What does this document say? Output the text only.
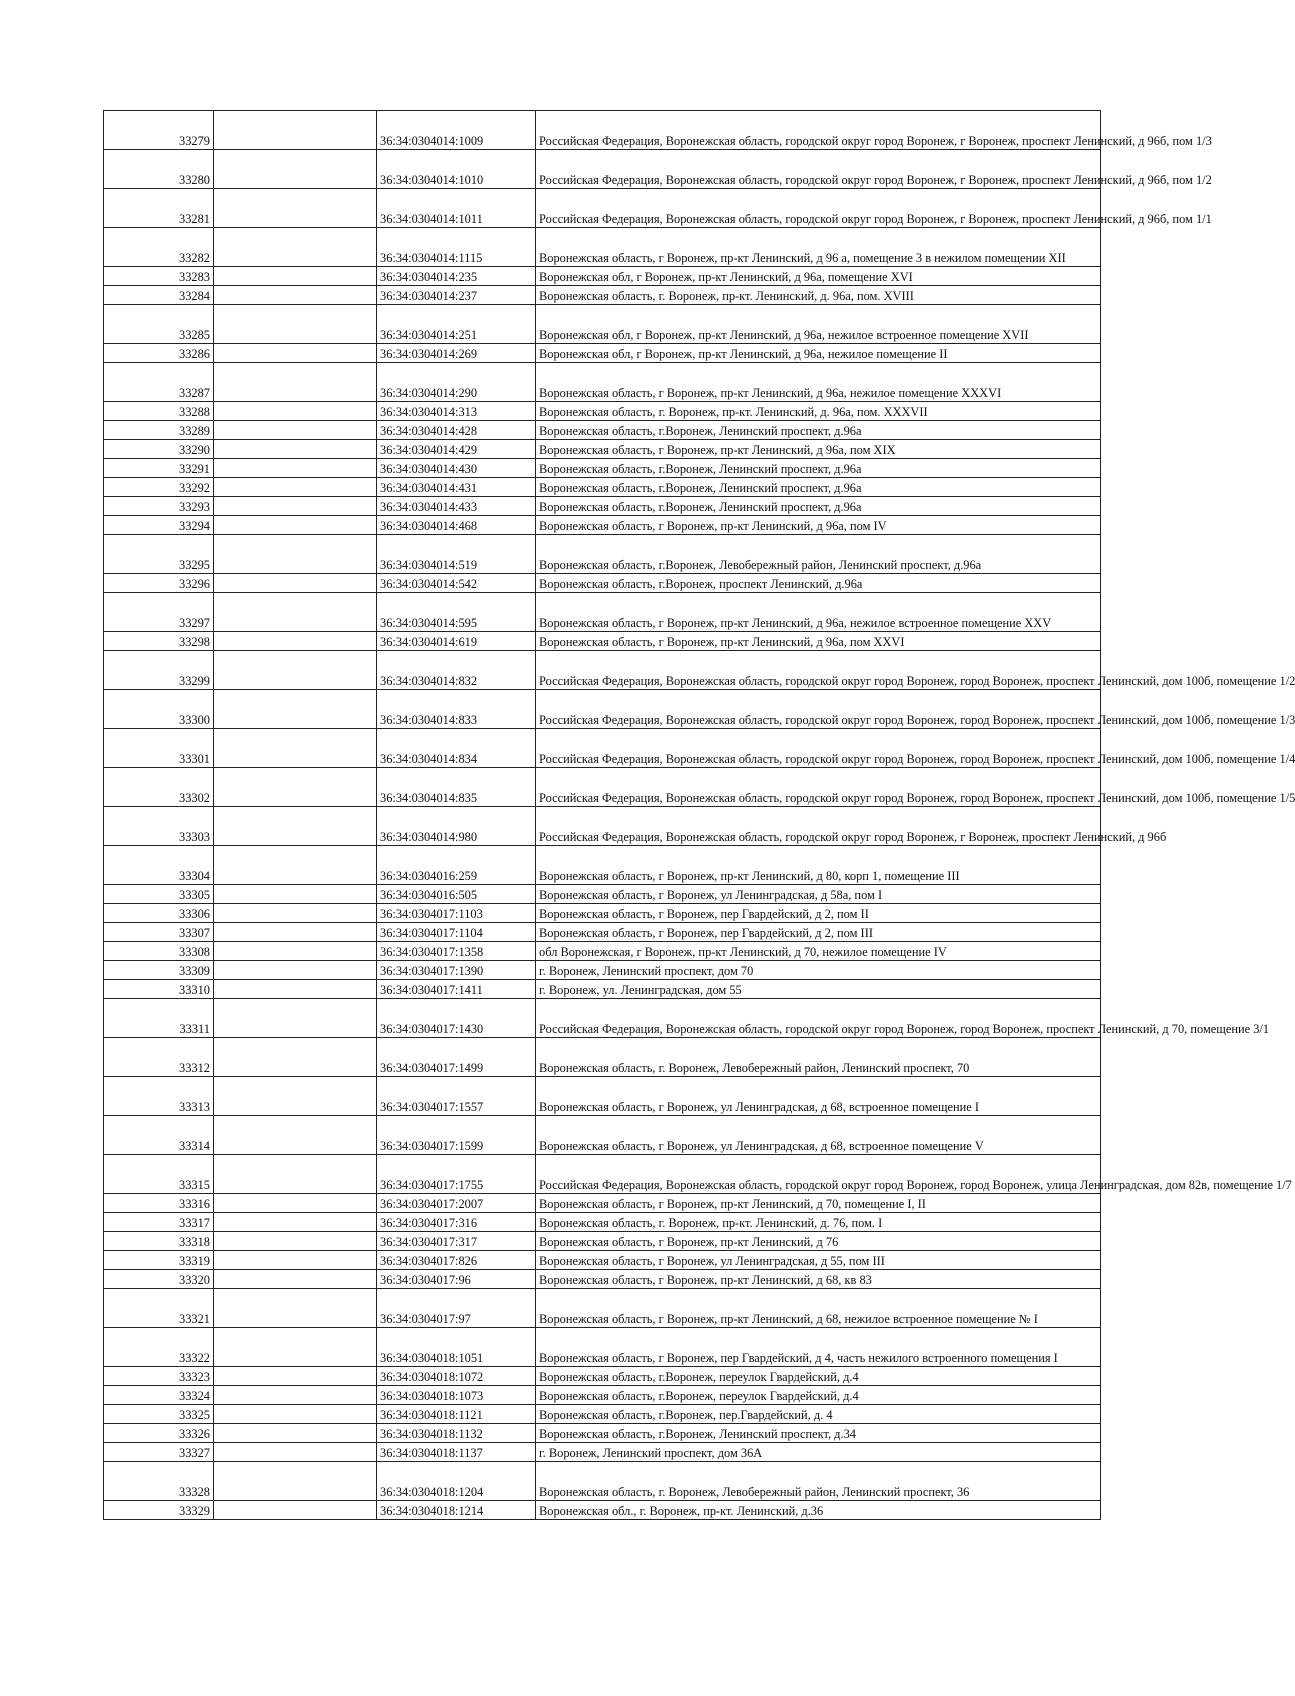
33279		36:34:0304014:1009	Российская Федерация, Воронежская область, городской округ город Воронеж, г Воронеж, проспект Ленинский, д 96б, пом 1/3
33280		36:34:0304014:1010	Российская Федерация, Воронежская область, городской округ город Воронеж, г Воронеж, проспект Ленинский, д 96б, пом 1/2
33281		36:34:0304014:1011	Российская Федерация, Воронежская область, городской округ город Воронеж, г Воронеж, проспект Ленинский, д 96б, пом 1/1
33282		36:34:0304014:1115	Воронежская область, г Воронеж, пр-кт Ленинский, д 96 а, помещение 3 в нежилом помещении XII
33283		36:34:0304014:235	Воронежская обл, г Воронеж, пр-кт Ленинский, д 96а, помещение XVI
33284		36:34:0304014:237	Воронежская область, г. Воронеж, пр-кт. Ленинский, д. 96а, пом. XVIII
33285		36:34:0304014:251	Воронежская обл, г Воронеж, пр-кт Ленинский, д 96а, нежилое встроенное помещение XVII
33286		36:34:0304014:269	Воронежская обл, г Воронеж, пр-кт Ленинский, д 96а, нежилое помещение II
33287		36:34:0304014:290	Воронежская область, г Воронеж, пр-кт Ленинский, д 96а, нежилое помещение XXXVI
33288		36:34:0304014:313	Воронежская область, г. Воронеж, пр-кт. Ленинский, д. 96а, пом. XXXVII
33289		36:34:0304014:428	Воронежская область, г.Воронеж, Ленинский проспект, д.96а
33290		36:34:0304014:429	Воронежская область, г Воронеж, пр-кт Ленинский, д 96а, пом XIX
33291		36:34:0304014:430	Воронежская область, г.Воронеж, Ленинский проспект, д.96а
33292		36:34:0304014:431	Воронежская область, г.Воронеж, Ленинский проспект, д.96а
33293		36:34:0304014:433	Воронежская область, г.Воронеж, Ленинский проспект, д.96а
33294		36:34:0304014:468	Воронежская область, г Воронеж, пр-кт Ленинский, д 96а, пом IV
33295		36:34:0304014:519	Воронежская область, г.Воронеж, Левобережный район, Ленинский проспект, д.96а
33296		36:34:0304014:542	Воронежская область, г.Воронеж, проспект Ленинский, д.96а
33297		36:34:0304014:595	Воронежская область, г Воронеж, пр-кт Ленинский, д 96а, нежилое встроенное помещение XXV
33298		36:34:0304014:619	Воронежская область, г Воронеж, пр-кт Ленинский, д 96а, пом XXVI
33299		36:34:0304014:832	Российская Федерация, Воронежская область, городской округ город Воронеж, город Воронеж, проспект Ленинский, дом 100б, помещение 1/2
33300		36:34:0304014:833	Российская Федерация, Воронежская область, городской округ город Воронеж, город Воронеж, проспект Ленинский, дом 100б, помещение 1/3
33301		36:34:0304014:834	Российская Федерация, Воронежская область, городской округ город Воронеж, город Воронеж, проспект Ленинский, дом 100б, помещение 1/4
33302		36:34:0304014:835	Российская Федерация, Воронежская область, городской округ город Воронеж, город Воронеж, проспект Ленинский, дом 100б, помещение 1/5
33303		36:34:0304014:980	Российская Федерация, Воронежская область, городской округ город Воронеж, г Воронеж, проспект Ленинский, д 96б
33304		36:34:0304016:259	Воронежская область, г Воронеж, пр-кт Ленинский, д 80, корп 1, помещение III
33305		36:34:0304016:505	Воронежская область, г Воронеж, ул Ленинградская, д 58а, пом I
33306		36:34:0304017:1103	Воронежская область, г Воронеж, пер Гвардейский, д 2, пом II
33307		36:34:0304017:1104	Воронежская область, г Воронеж, пер Гвардейский, д 2, пом III
33308		36:34:0304017:1358	обл Воронежская, г Воронеж, пр-кт Ленинский, д 70, нежилое помещение IV
33309		36:34:0304017:1390	г. Воронеж, Ленинский проспект, дом 70
33310		36:34:0304017:1411	г. Воронеж, ул. Ленинградская, дом 55
33311		36:34:0304017:1430	Российская Федерация, Воронежская область, городской округ город Воронеж, город Воронеж, проспект Ленинский, д 70, помещение 3/1
33312		36:34:0304017:1499	Воронежская область, г. Воронеж, Левобережный район, Ленинский проспект, 70
33313		36:34:0304017:1557	Воронежская область, г Воронеж, ул Ленинградская, д 68, встроенное помещение I
33314		36:34:0304017:1599	Воронежская область, г Воронеж, ул Ленинградская, д 68, встроенное помещение V
33315		36:34:0304017:1755	Российская Федерация, Воронежская область, городской округ город Воронеж, город Воронеж, улица Ленинградская, дом 82в, помещение 1/7
33316		36:34:0304017:2007	Воронежская область, г Воронеж, пр-кт Ленинский, д 70, помещение I, II
33317		36:34:0304017:316	Воронежская область, г. Воронеж, пр-кт. Ленинский, д. 76, пом. I
33318		36:34:0304017:317	Воронежская область, г Воронеж, пр-кт Ленинский, д 76
33319		36:34:0304017:826	Воронежская область, г Воронеж, ул Ленинградская, д 55, пом III
33320		36:34:0304017:96	Воронежская область, г Воронеж, пр-кт Ленинский, д 68, кв 83
33321		36:34:0304017:97	Воронежская область, г Воронеж, пр-кт Ленинский, д 68, нежилое встроенное помещение № I
33322		36:34:0304018:1051	Воронежская область, г Воронеж, пер Гвардейский, д 4, часть нежилого встроенного помещения I
33323		36:34:0304018:1072	Воронежская область, г.Воронеж, переулок Гвардейский, д.4
33324		36:34:0304018:1073	Воронежская область, г.Воронеж, переулок Гвардейский, д.4
33325		36:34:0304018:1121	Воронежская область, г.Воронеж, пер.Гвардейский, д. 4
33326		36:34:0304018:1132	Воронежская область, г.Воронеж, Ленинский проспект, д.34
33327		36:34:0304018:1137	г. Воронеж, Ленинский проспект, дом 36А
33328		36:34:0304018:1204	Воронежская область, г. Воронеж, Левобережный район, Ленинский проспект, 36
33329		36:34:0304018:1214	Воронежская обл., г. Воронеж, пр-кт. Ленинский, д.36
